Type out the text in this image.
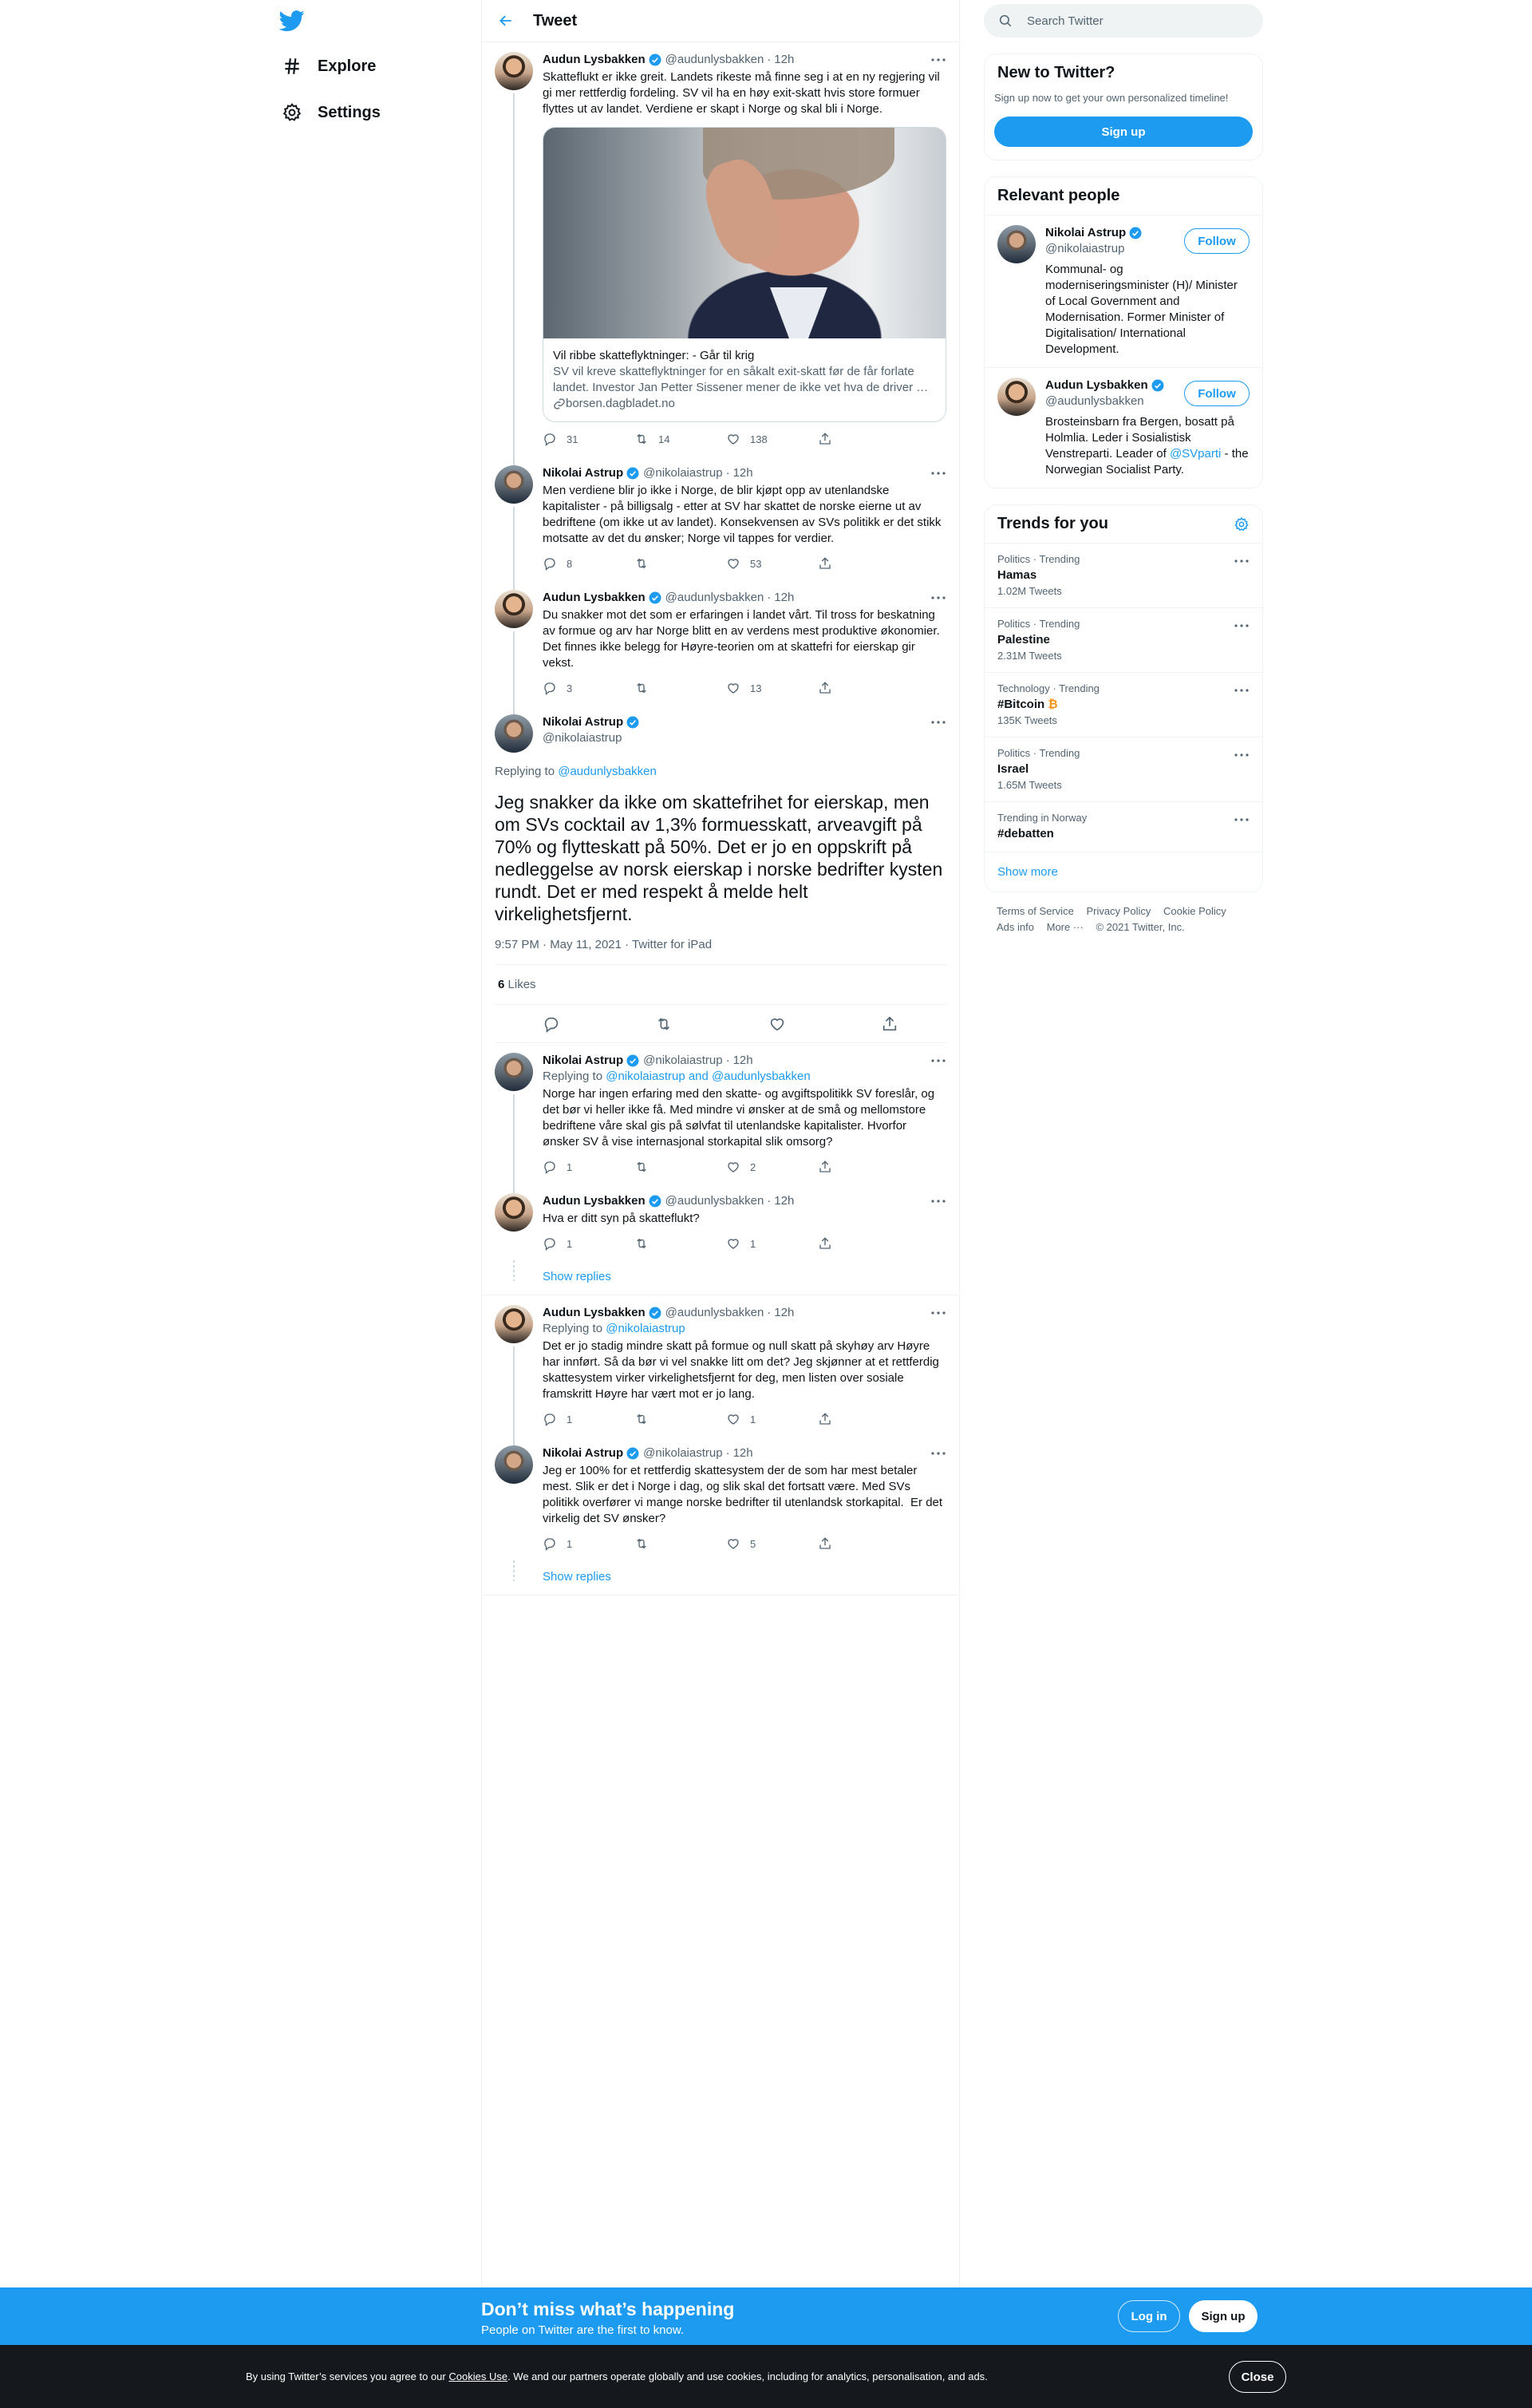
Explore
Settings
Tweet
Audun Lysbakken @audunlysbakken · 12h
Skatteflukt er ikke greit. Landets rikeste må finne seg i at en ny regjering vil gi mer rettferdig fordeling. SV vil ha en høy exit-skatt hvis store formuer flyttes ut av landet. Verdiene er skapt i Norge og skal bli i Norge.
Vil ribbe skatteflyktninger: - Går til krig
SV vil kreve skatteflyktninger for en såkalt exit-skatt før de får forlate landet. Investor Jan Petter Sissener mener de ikke vet hva de driver …
borsen.dagbladet.no
31	14	138
Nikolai Astrup @nikolaiastrup · 12h
Men verdiene blir jo ikke i Norge, de blir kjøpt opp av utenlandske kapitalister - på billigsalg - etter at SV har skattet de norske eierne ut av bedriftene (om ikke ut av landet). Konsekvensen av SVs politikk er det stikk motsatte av det du ønsker; Norge vil tappes for verdier.
8	53
Audun Lysbakken @audunlysbakken · 12h
Du snakker mot det som er erfaringen i landet vårt. Til tross for beskatning av formue og arv har Norge blitt en av verdens mest produktive økonomier. Det finnes ikke belegg for Høyre-teorien om at skattefri for eierskap gir vekst.
3	13
Nikolai Astrup
@nikolaiastrup
Replying to @audunlysbakken
Jeg snakker da ikke om skattefrihet for eierskap, men om SVs cocktail av 1,3% formuesskatt, arveavgift på 70% og flytteskatt på 50%. Det er jo en oppskrift på nedleggelse av norsk eierskap i norske bedrifter kysten rundt. Det er med respekt å melde helt virkelighetsfjernt.
9:57 PM · May 11, 2021 · Twitter for iPad
6 Likes
Nikolai Astrup @nikolaiastrup · 12h
Replying to @nikolaiastrup and @audunlysbakken
Norge har ingen erfaring med den skatte- og avgiftspolitikk SV foreslår, og det bør vi heller ikke få. Med mindre vi ønsker at de små og mellomstore bedriftene våre skal gis på sølvfat til utenlandske kapitalister. Hvorfor ønsker SV å vise internasjonal storkapital slik omsorg?
1	2
Audun Lysbakken @audunlysbakken · 12h
Hva er ditt syn på skatteflukt?
1	1
Show replies
Audun Lysbakken @audunlysbakken · 12h
Replying to @nikolaiastrup
Det er jo stadig mindre skatt på formue og null skatt på skyhøy arv Høyre har innført. Så da bør vi vel snakke litt om det? Jeg skjønner at et rettferdig skattesystem virker virkelighetsfjernt for deg, men listen over sosiale framskritt Høyre har vært mot er jo lang.
1	1
Nikolai Astrup @nikolaiastrup · 12h
Jeg er 100% for et rettferdig skattesystem der de som har mest betaler mest. Slik er det i Norge i dag, og slik skal det fortsatt være. Med SVs politikk overfører vi mange norske bedrifter til utenlandsk storkapital.  Er det virkelig det SV ønsker?
1	5
Show replies
Search Twitter
New to Twitter?
Sign up now to get your own personalized timeline!
Sign up
Relevant people
Nikolai Astrup
@nikolaiastrup
Kommunal- og moderniseringsminister (H)/ Minister of Local Government and Modernisation. Former Minister of Digitalisation/ International Development.
Follow
Audun Lysbakken
@audunlysbakken
Brosteinsbarn fra Bergen, bosatt på Holmlia. Leder i Sosialistisk Venstreparti. Leader of @SVparti - the Norwegian Socialist Party.
Follow
Trends for you
Politics · Trending
Hamas
1.02M Tweets
Politics · Trending
Palestine
2.31M Tweets
Technology · Trending
#Bitcoin ₿
135K Tweets
Politics · Trending
Israel
1.65M Tweets
Trending in Norway
#debatten
Show more
Terms of Service Privacy Policy Cookie Policy
Ads info More ··· © 2021 Twitter, Inc.
Don’t miss what’s happening
People on Twitter are the first to know.
Log in	Sign up
By using Twitter’s services you agree to our Cookies Use. We and our partners operate globally and use cookies, including for analytics, personalisation, and ads.	Close
